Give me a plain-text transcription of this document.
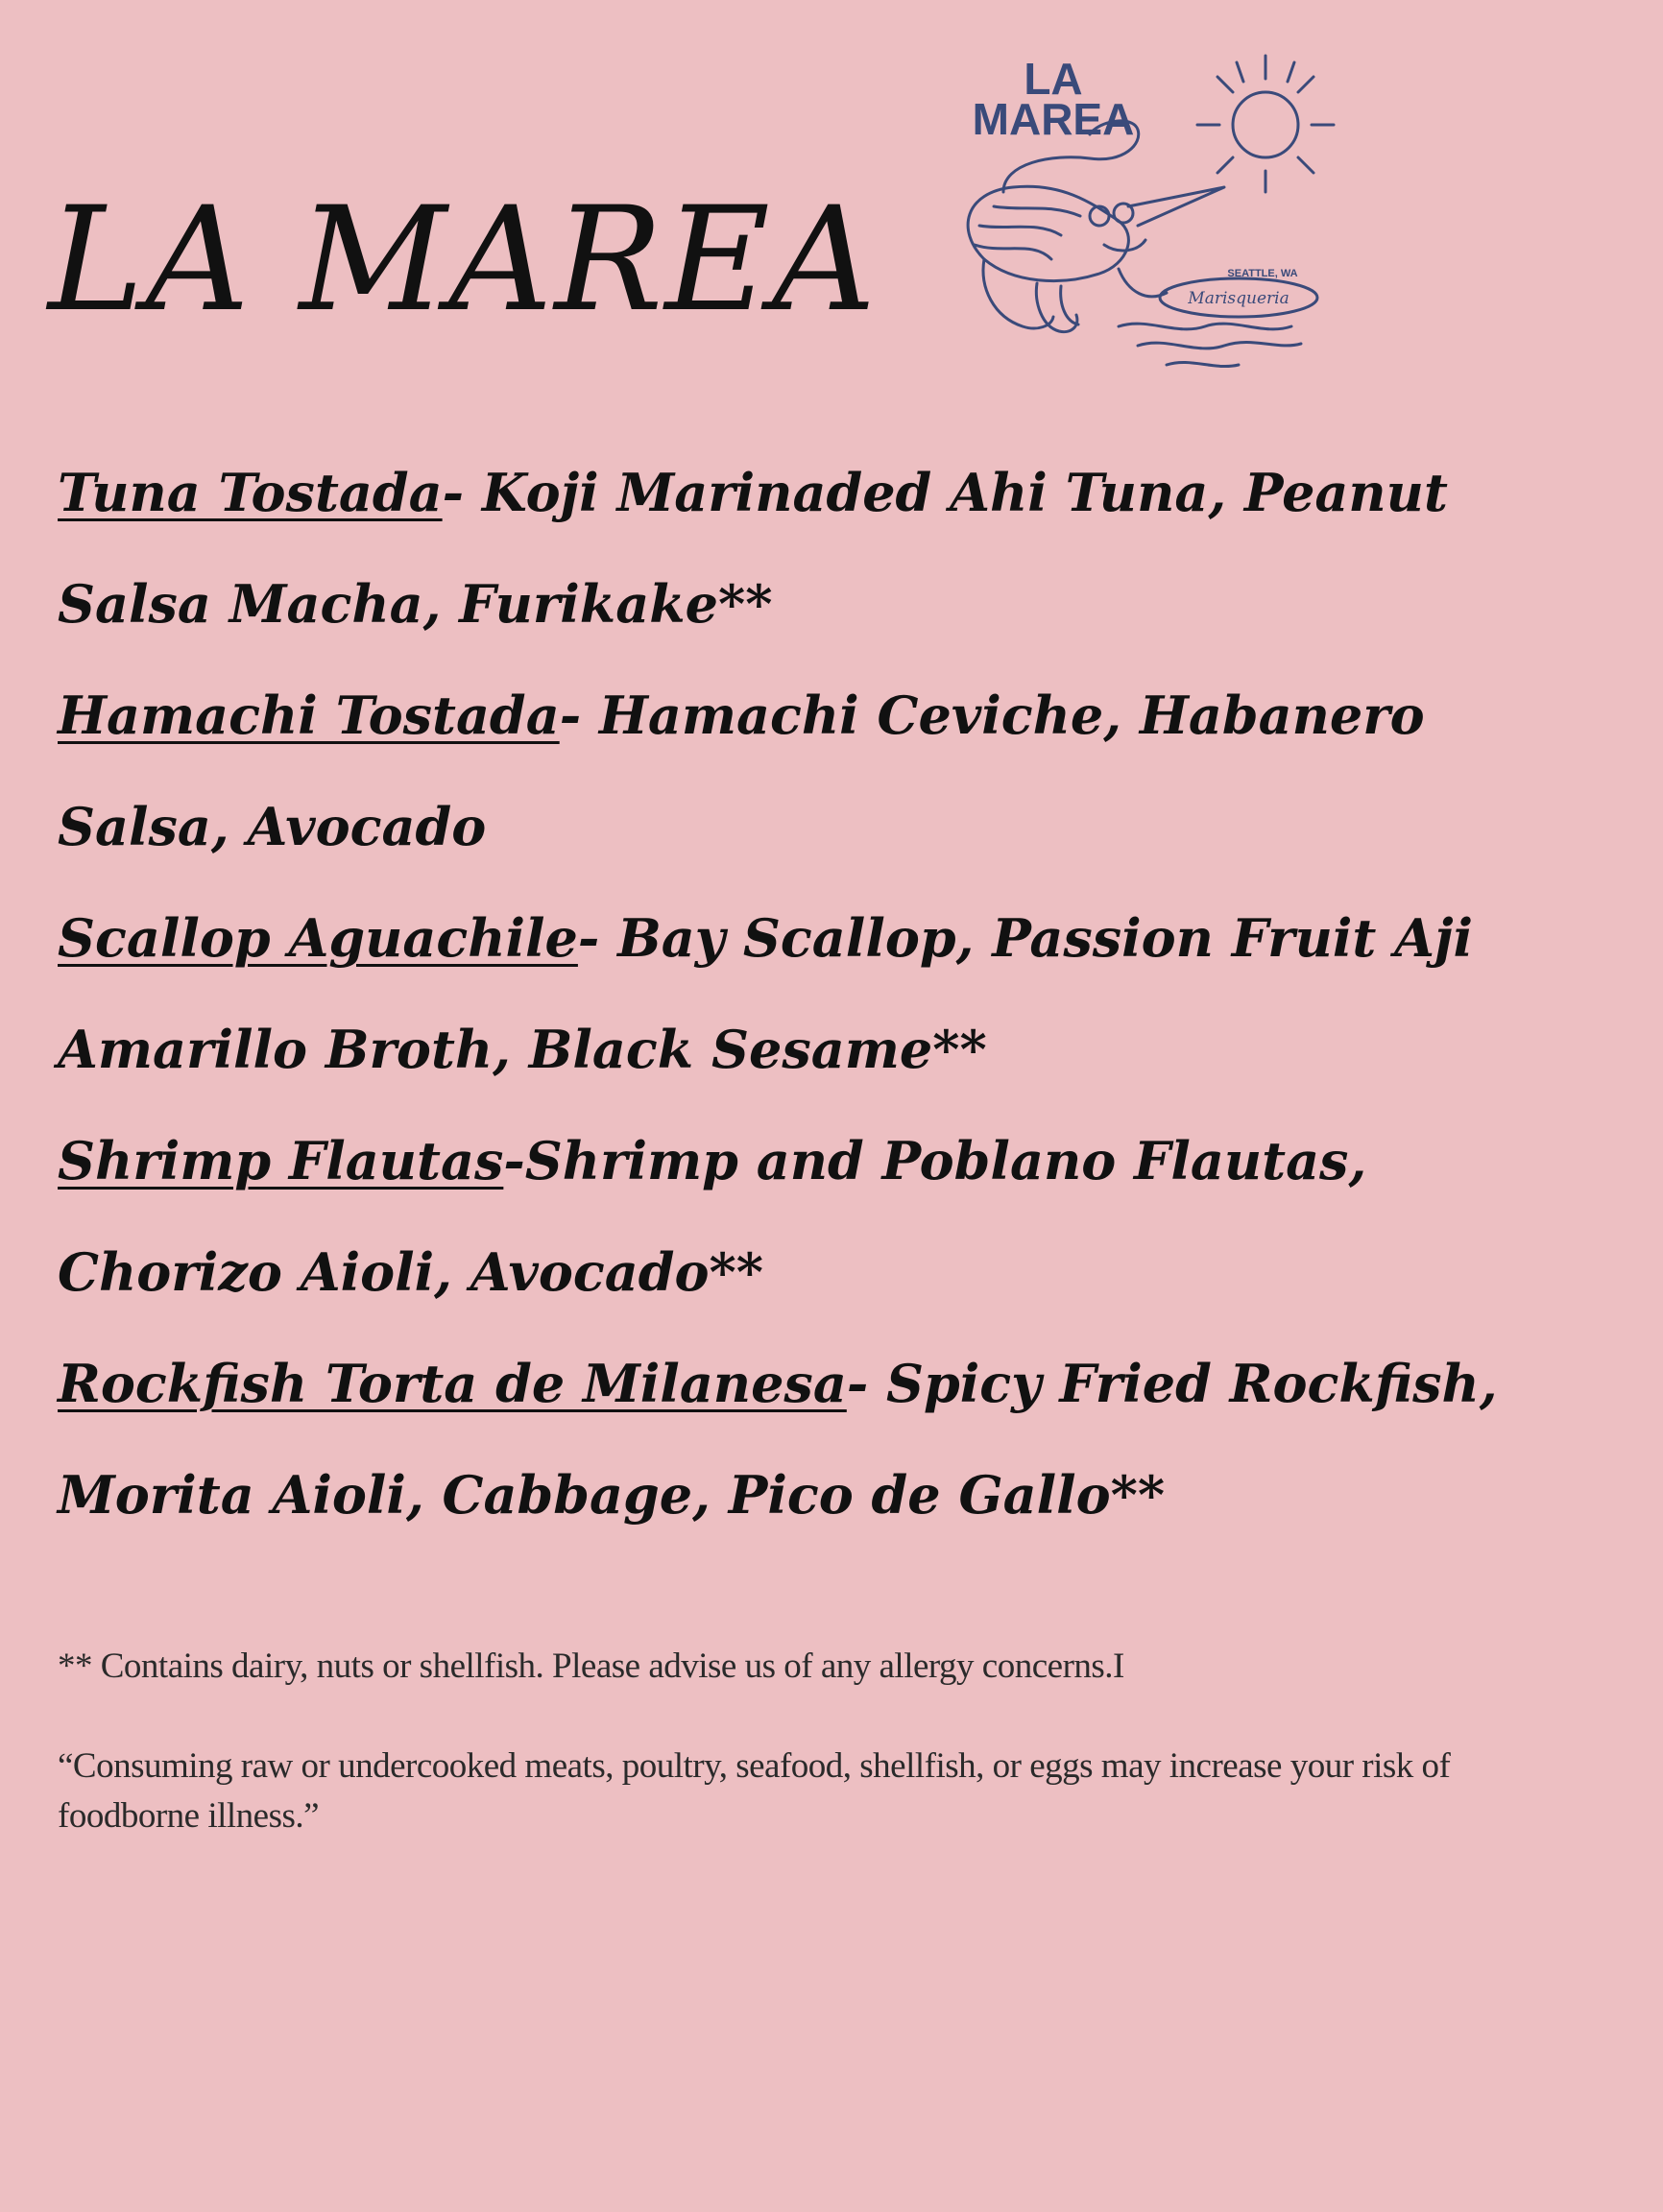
LA MAREA
LA
MAREA
SEATTLE, WA
Marisqueria

Tuna Tostada- Koji Marinaded Ahi Tuna, Peanut Salsa Macha, Furikake**

Hamachi Tostada- Hamachi Ceviche, Habanero Salsa, Avocado

Scallop Aguachile- Bay Scallop, Passion Fruit Aji Amarillo Broth, Black Sesame**

Shrimp Flautas-Shrimp and Poblano Flautas, Chorizo Aioli, Avocado**

Rockfish Torta de Milanesa- Spicy Fried Rockfish, Morita Aioli, Cabbage, Pico de Gallo**

** Contains dairy, nuts or shellfish. Please advise us of any allergy concerns.I

“Consuming raw or undercooked meats, poultry, seafood, shellfish, or eggs may increase your risk of foodborne illness.”
